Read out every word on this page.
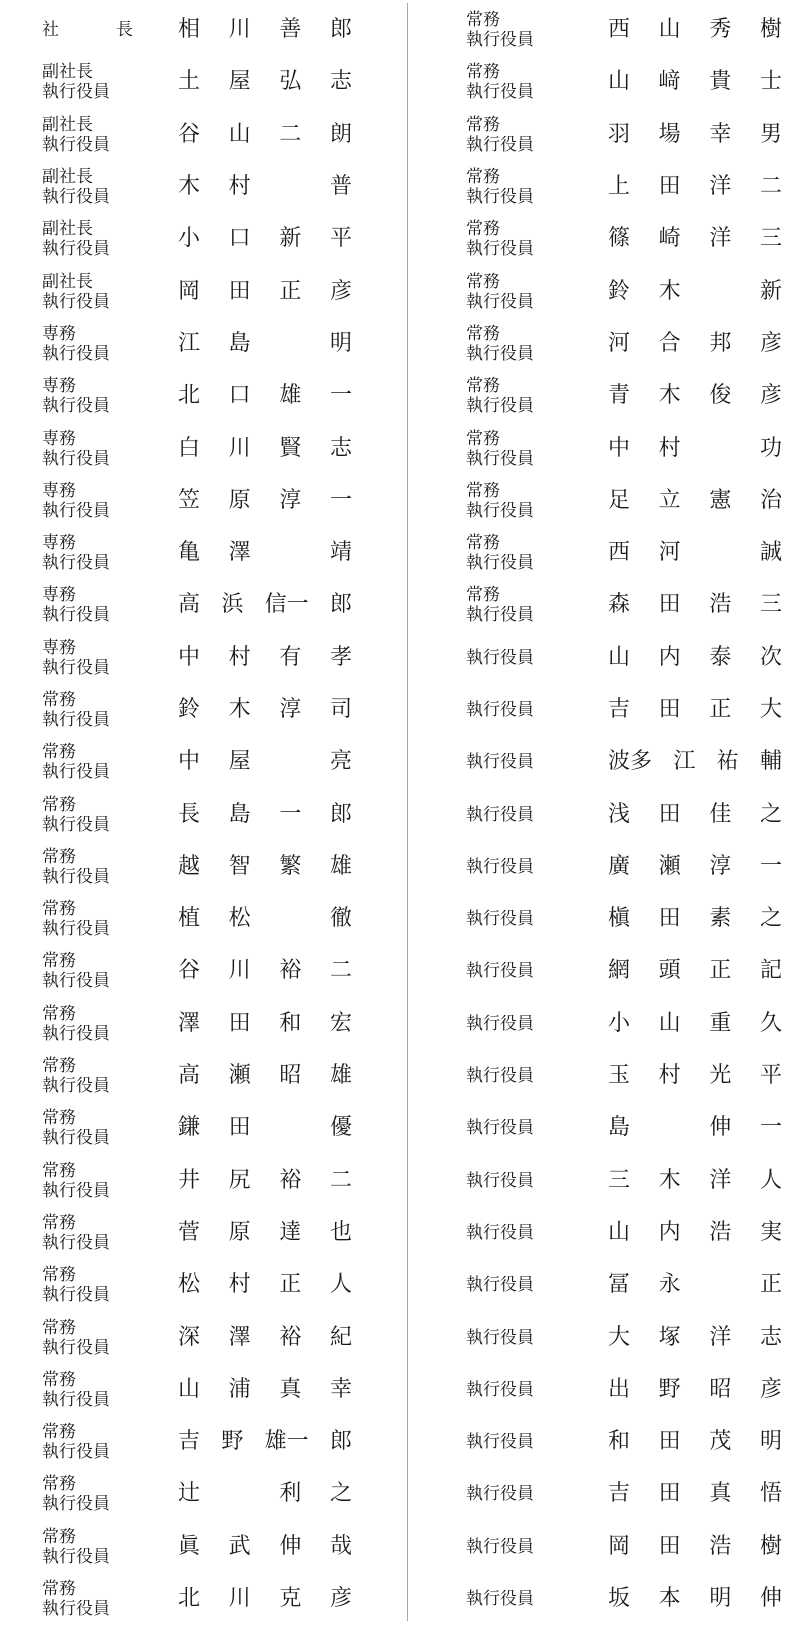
社　長 相 川 善 郎
副社長
執行役員	土 屋 弘 志
副社長
執行役員	谷 山 二 朗
副社長
執行役員	木 村	普
副社長
執行役員	小 口 新 平
副社長
執行役員	岡 田 正 彦
専務
執行役員	江 島	明
専務
執行役員	北 口 雄 一
専務
執行役員	白 川 賢 志
専務
執行役員	笠 原 淳 一
専務
執行役員	亀 澤	靖
専務
執行役員	高 浜 信一 郎
専務
執行役員	中 村 有 孝
常務
執行役員	鈴 木 淳 司
常務
執行役員	中 屋	亮
常務
執行役員	長 島 一 郎
常務
執行役員	越 智 繁 雄
常務
執行役員	植 松	徹
常務
執行役員	谷 川 裕 二
常務
執行役員	澤 田 和 宏
常務
執行役員	高 瀬 昭 雄
常務
執行役員	鎌 田	優
常務
執行役員	井 尻 裕 二
常務
執行役員	菅 原 達 也
常務
執行役員	松 村 正 人
常務
執行役員	深 澤 裕 紀
常務
執行役員	山 浦 真 幸
常務
執行役員	吉 野 雄一 郎
常務
執行役員	辻	利 之
常務
執行役員	眞 武 伸 哉
常務
執行役員	北 川 克 彦
常務
執行役員	西 山 秀 樹
常務
執行役員	山 﨑 貴 士
常務
執行役員	羽 場 幸 男
常務
執行役員	上 田 洋 二
常務
執行役員	篠 崎 洋 三
常務
執行役員	鈴 木	新
常務
執行役員	河 合 邦 彦
常務
執行役員	青 木 俊 彦
常務
執行役員	中 村	功
常務
執行役員	足 立 憲 治
常務
執行役員	西 河	誠
常務
執行役員	森 田 浩 三
執行役員	山 内 泰 次
執行役員	吉 田 正 大
執行役員	波多 江 祐 輔
執行役員	浅 田 佳 之
執行役員	廣 瀬 淳 一
執行役員	槇 田 素 之
執行役員	網 頭 正 記
執行役員	小 山 重 久
執行役員	玉 村 光 平
執行役員	島	伸 一
執行役員	三 木 洋 人
執行役員	山 内 浩 実
執行役員	冨 永	正
執行役員	大 塚 洋 志
執行役員	出 野 昭 彦
執行役員	和 田 茂 明
執行役員	吉 田 真 悟
執行役員	岡 田 浩 樹
執行役員	坂 本 明 伸
